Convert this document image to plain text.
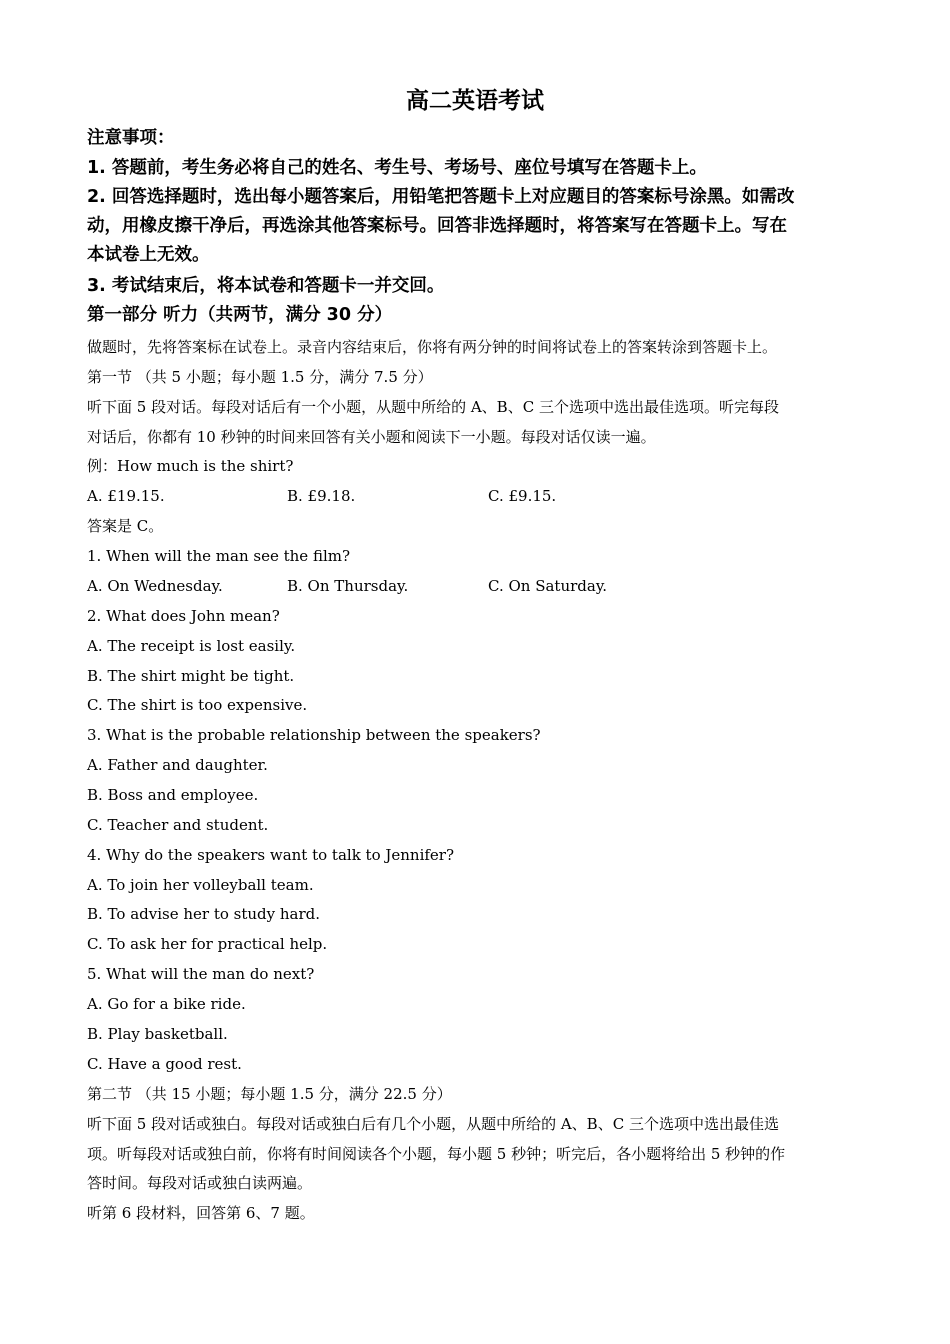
高二英语考试
注意事项：
1. 答题前，考生务必将自己的姓名、考生号、考场号、座位号填写在答题卡上。
2. 回答选择题时，选出每小题答案后，用铅笔把答题卡上对应题目的答案标号涂黑。如需改
动，用橡皮擦干净后，再选涂其他答案标号。回答非选择题时，将答案写在答题卡上。写在
本试卷上无效。
3. 考试结束后，将本试卷和答题卡一并交回。
第一部分 听力（共两节，满分 30 分）
做题时，先将答案标在试卷上。录音内容结束后，你将有两分钟的时间将试卷上的答案转涂到答题卡上。
第一节 （共 5 小题；每小题 1.5 分，满分 7.5 分）
听下面 5 段对话。每段对话后有一个小题，从题中所给的 A、B、C 三个选项中选出最佳选项。听完每段
对话后，你都有 10 秒钟的时间来回答有关小题和阅读下一小题。每段对话仅读一遍。
例：How much is the shirt?
A. £19.15.	B. £9.18.	C. £9.15.
答案是 C。
1. When will the man see the film?
A. On Wednesday.	B. On Thursday.	C. On Saturday.
2. What does John mean?
A. The receipt is lost easily.
B. The shirt might be tight.
C. The shirt is too expensive.
3. What is the probable relationship between the speakers?
A. Father and daughter.
B. Boss and employee.
C. Teacher and student.
4. Why do the speakers want to talk to Jennifer?
A. To join her volleyball team.
B. To advise her to study hard.
C. To ask her for practical help.
5. What will the man do next?
A. Go for a bike ride.
B. Play basketball.
C. Have a good rest.
第二节 （共 15 小题；每小题 1.5 分，满分 22.5 分）
听下面 5 段对话或独白。每段对话或独白后有几个小题，从题中所给的 A、B、C 三个选项中选出最佳选
项。听每段对话或独白前，你将有时间阅读各个小题，每小题 5 秒钟；听完后，各小题将给出 5 秒钟的作
答时间。每段对话或独白读两遍。
听第 6 段材料，回答第 6、7 题。
